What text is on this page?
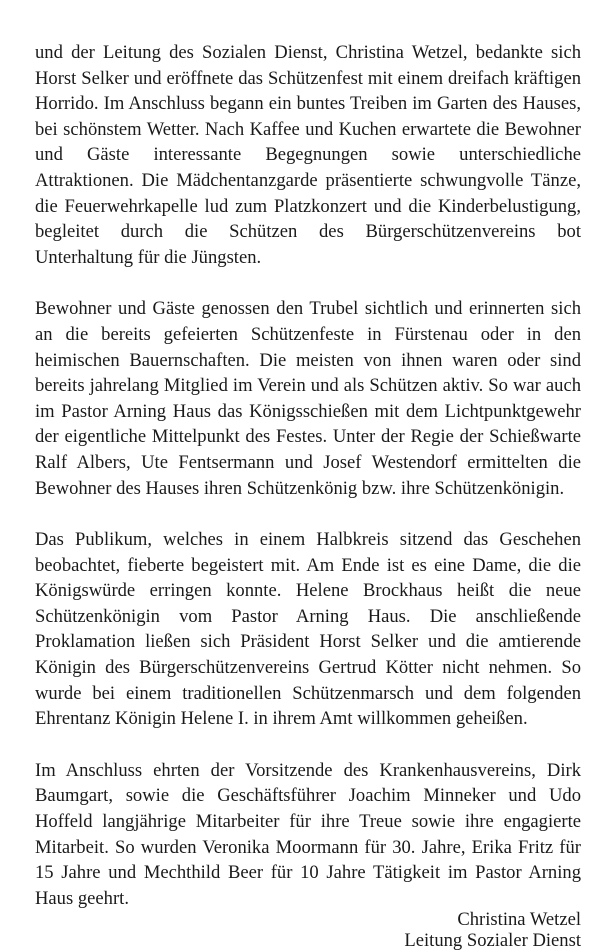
und der Leitung des Sozialen Dienst, Christina Wetzel, bedankte sich Horst Selker und eröffnete das Schützenfest mit einem dreifach kräftigen Horrido. Im Anschluss begann ein buntes Treiben im Garten des Hauses, bei schönstem Wetter. Nach Kaffee und Kuchen erwartete die Bewohner und Gäste interessante Begegnungen sowie unterschiedliche Attraktionen. Die Mädchentanzgarde präsentierte schwungvolle Tänze, die Feuerwehrkapelle lud zum Platzkonzert und die Kinderbelustigung, begleitet durch die Schützen des Bürgerschützenvereins bot Unterhaltung für die Jüngsten.

Bewohner und Gäste genossen den Trubel sichtlich und erinnerten sich an die bereits gefeierten Schützenfeste in Fürstenau oder in den heimischen Bauernschaften. Die meisten von ihnen waren oder sind bereits jahrelang Mitglied im Verein und als Schützen aktiv. So war auch im Pastor Arning Haus das Königsschießen mit dem Lichtpunktgewehr der eigentliche Mittelpunkt des Festes. Unter der Regie der Schießwarte Ralf Albers, Ute Fentsermann und Josef Westendorf ermittelten die Bewohner des Hauses ihren Schützenkönig bzw. ihre Schützenkönigin.

Das Publikum, welches in einem Halbkreis sitzend das Geschehen beobachtet, fieberte begeistert mit. Am Ende ist es eine Dame, die die Königswürde erringen konnte. Helene Brockhaus heißt die neue Schützenkönigin vom Pastor Arning Haus. Die anschließende Proklamation ließen sich Präsident Horst Selker und die amtierende Königin des Bürgerschützenvereins Gertrud Kötter nicht nehmen. So wurde bei einem traditionellen Schützenmarsch und dem folgenden Ehrentanz Königin Helene I. in ihrem Amt willkommen geheißen.

Im Anschluss ehrten der Vorsitzende des Krankenhausvereins, Dirk Baumgart, sowie die Geschäftsführer Joachim Minneker und Udo Hoffeld langjährige Mitarbeiter für ihre Treue sowie ihre engagierte Mitarbeit. So wurden Veronika Moormann für 30. Jahre, Erika Fritz für 15 Jahre und Mechthild Beer für 10 Jahre Tätigkeit im Pastor Arning Haus geehrt.

Christina Wetzel
Leitung Sozialer Dienst
